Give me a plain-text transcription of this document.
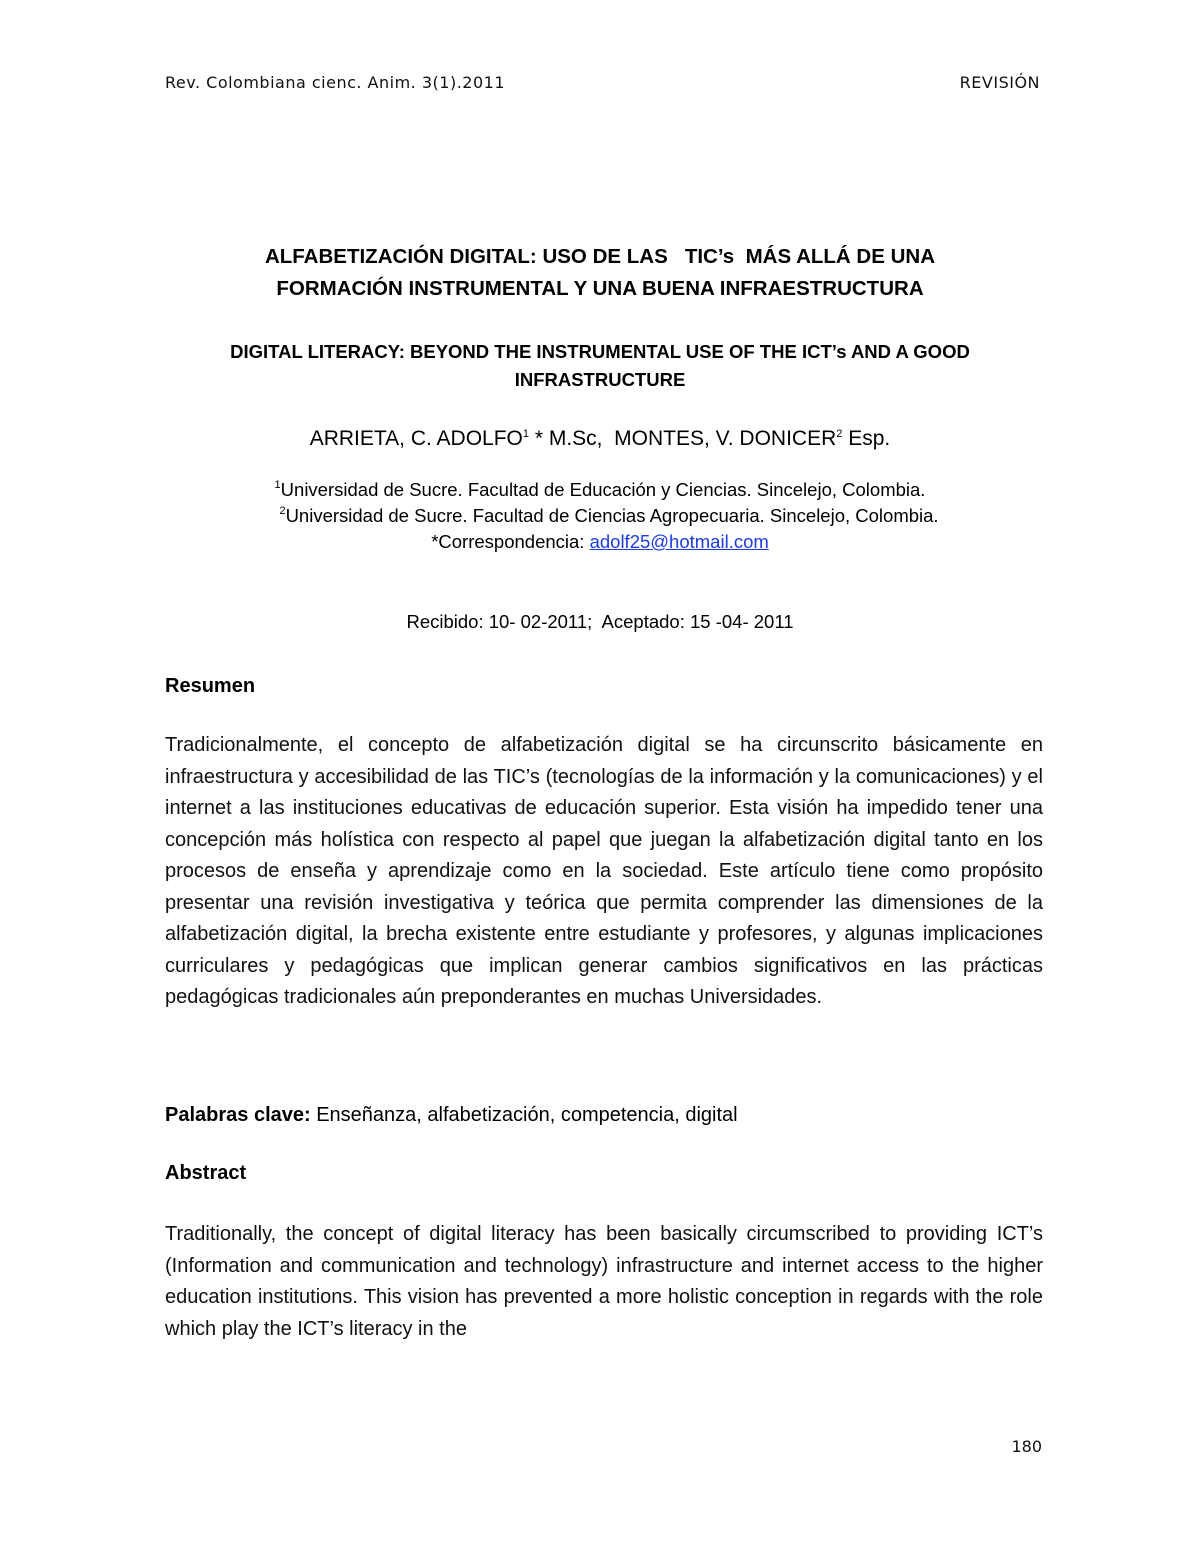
Rev. Colombiana cienc. Anim. 3(1).2011	REVISIÓN
ALFABETIZACIÓN DIGITAL: USO DE LAS   TIC’s  MÁS ALLÁ DE UNA
FORMACIÓN INSTRUMENTAL Y UNA BUENA INFRAESTRUCTURA
DIGITAL LITERACY: BEYOND THE INSTRUMENTAL USE OF THE ICT’s AND A GOOD
INFRASTRUCTURE
ARRIETA, C. ADOLFO$^1$ * M.Sc,  MONTES, V. DONICER$^2$ Esp.
$^1$Universidad de Sucre. Facultad de Educación y Ciencias. Sincelejo, Colombia.
$^2$Universidad de Sucre. Facultad de Ciencias Agropecuaria. Sincelejo, Colombia.
*Correspondencia: adolf25@hotmail.com
Recibido: 10- 02-2011;  Aceptado: 15 -04- 2011
Resumen
Tradicionalmente, el concepto de alfabetización digital se ha circunscrito básicamente en infraestructura y accesibilidad de las TIC’s (tecnologías de la información y la comunicaciones) y el internet a las instituciones educativas de educación superior. Esta visión ha impedido tener una concepción más holística con respecto al papel que juegan la alfabetización digital tanto en los procesos de enseña y aprendizaje como en la sociedad. Este artículo tiene como propósito presentar una revisión investigativa y teórica que permita comprender las dimensiones de la alfabetización digital, la brecha existente entre estudiante y profesores, y algunas implicaciones curriculares y pedagógicas que implican generar cambios significativos en las prácticas pedagógicas tradicionales aún preponderantes en muchas Universidades.
Palabras clave: Enseñanza, alfabetización, competencia, digital
Abstract
Traditionally, the concept of digital literacy has been basically circumscribed to providing ICT’s (Information and communication and technology) infrastructure and internet access to the higher education institutions. This vision has prevented a more holistic conception in regards with the role which play the ICT’s literacy in the
180
